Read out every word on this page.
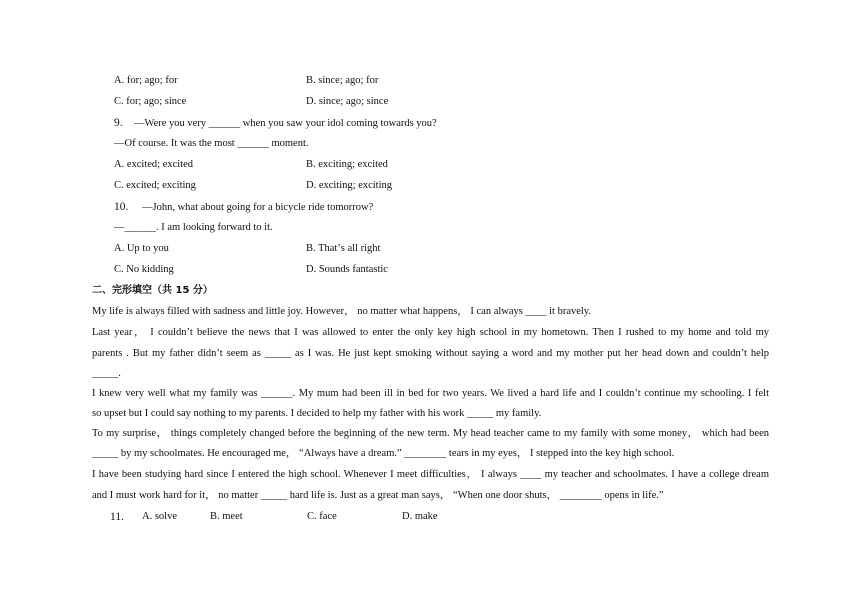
A. for; ago; for	B. since; ago; for
C. for; ago; since	D. since; ago; since
9. —Were you very ______ when you saw your idol coming towards you?
—Of course. It was the most ______ moment.
A. excited; excited	B. exciting; excited
C. excited; exciting	D. exciting; exciting
10. —John, what about going for a bicycle ride tomorrow?
—______. I am looking forward to it.
A. Up to you	B. Thatʼs all right
C. No kidding	D. Sounds fantastic
二、完形填空（共 15 分）
My life is always filled with sadness and little joy. However， no matter what happens， I can always ____ it bravely.
Last year， I couldn’t believe the news that I was allowed to enter the only key high school in my hometown. Then I rushed to my home and told my
parents . But my father didn’t seem as _____ as I was. He just kept smoking without saying a word and my mother put her head down and couldn’t help
_____.
I knew very well what my family was ______. My mum had been ill in bed for two years. We lived a hard life and I couldn’t continue my schooling. I felt
so upset but I could say nothing to my parents. I decided to help my father with his work _____ my family.
To my surprise， things completely changed before the beginning of the new term. My head teacher came to my family with some money， which had been
_____ by my schoolmates. He encouraged me， “Always have a dream.” ________ tears in my eyes， I stepped into the key high school.
I have been studying hard since I entered the high school. Whenever I meet difficulties， I always ____ my teacher and schoolmates. I have a college dream
and I must work hard for it， no matter _____ hard life is. Just as a great man says， “When one door shuts， ________ opens in life.”
11. A. solve	B. meet	C. face	D. make
